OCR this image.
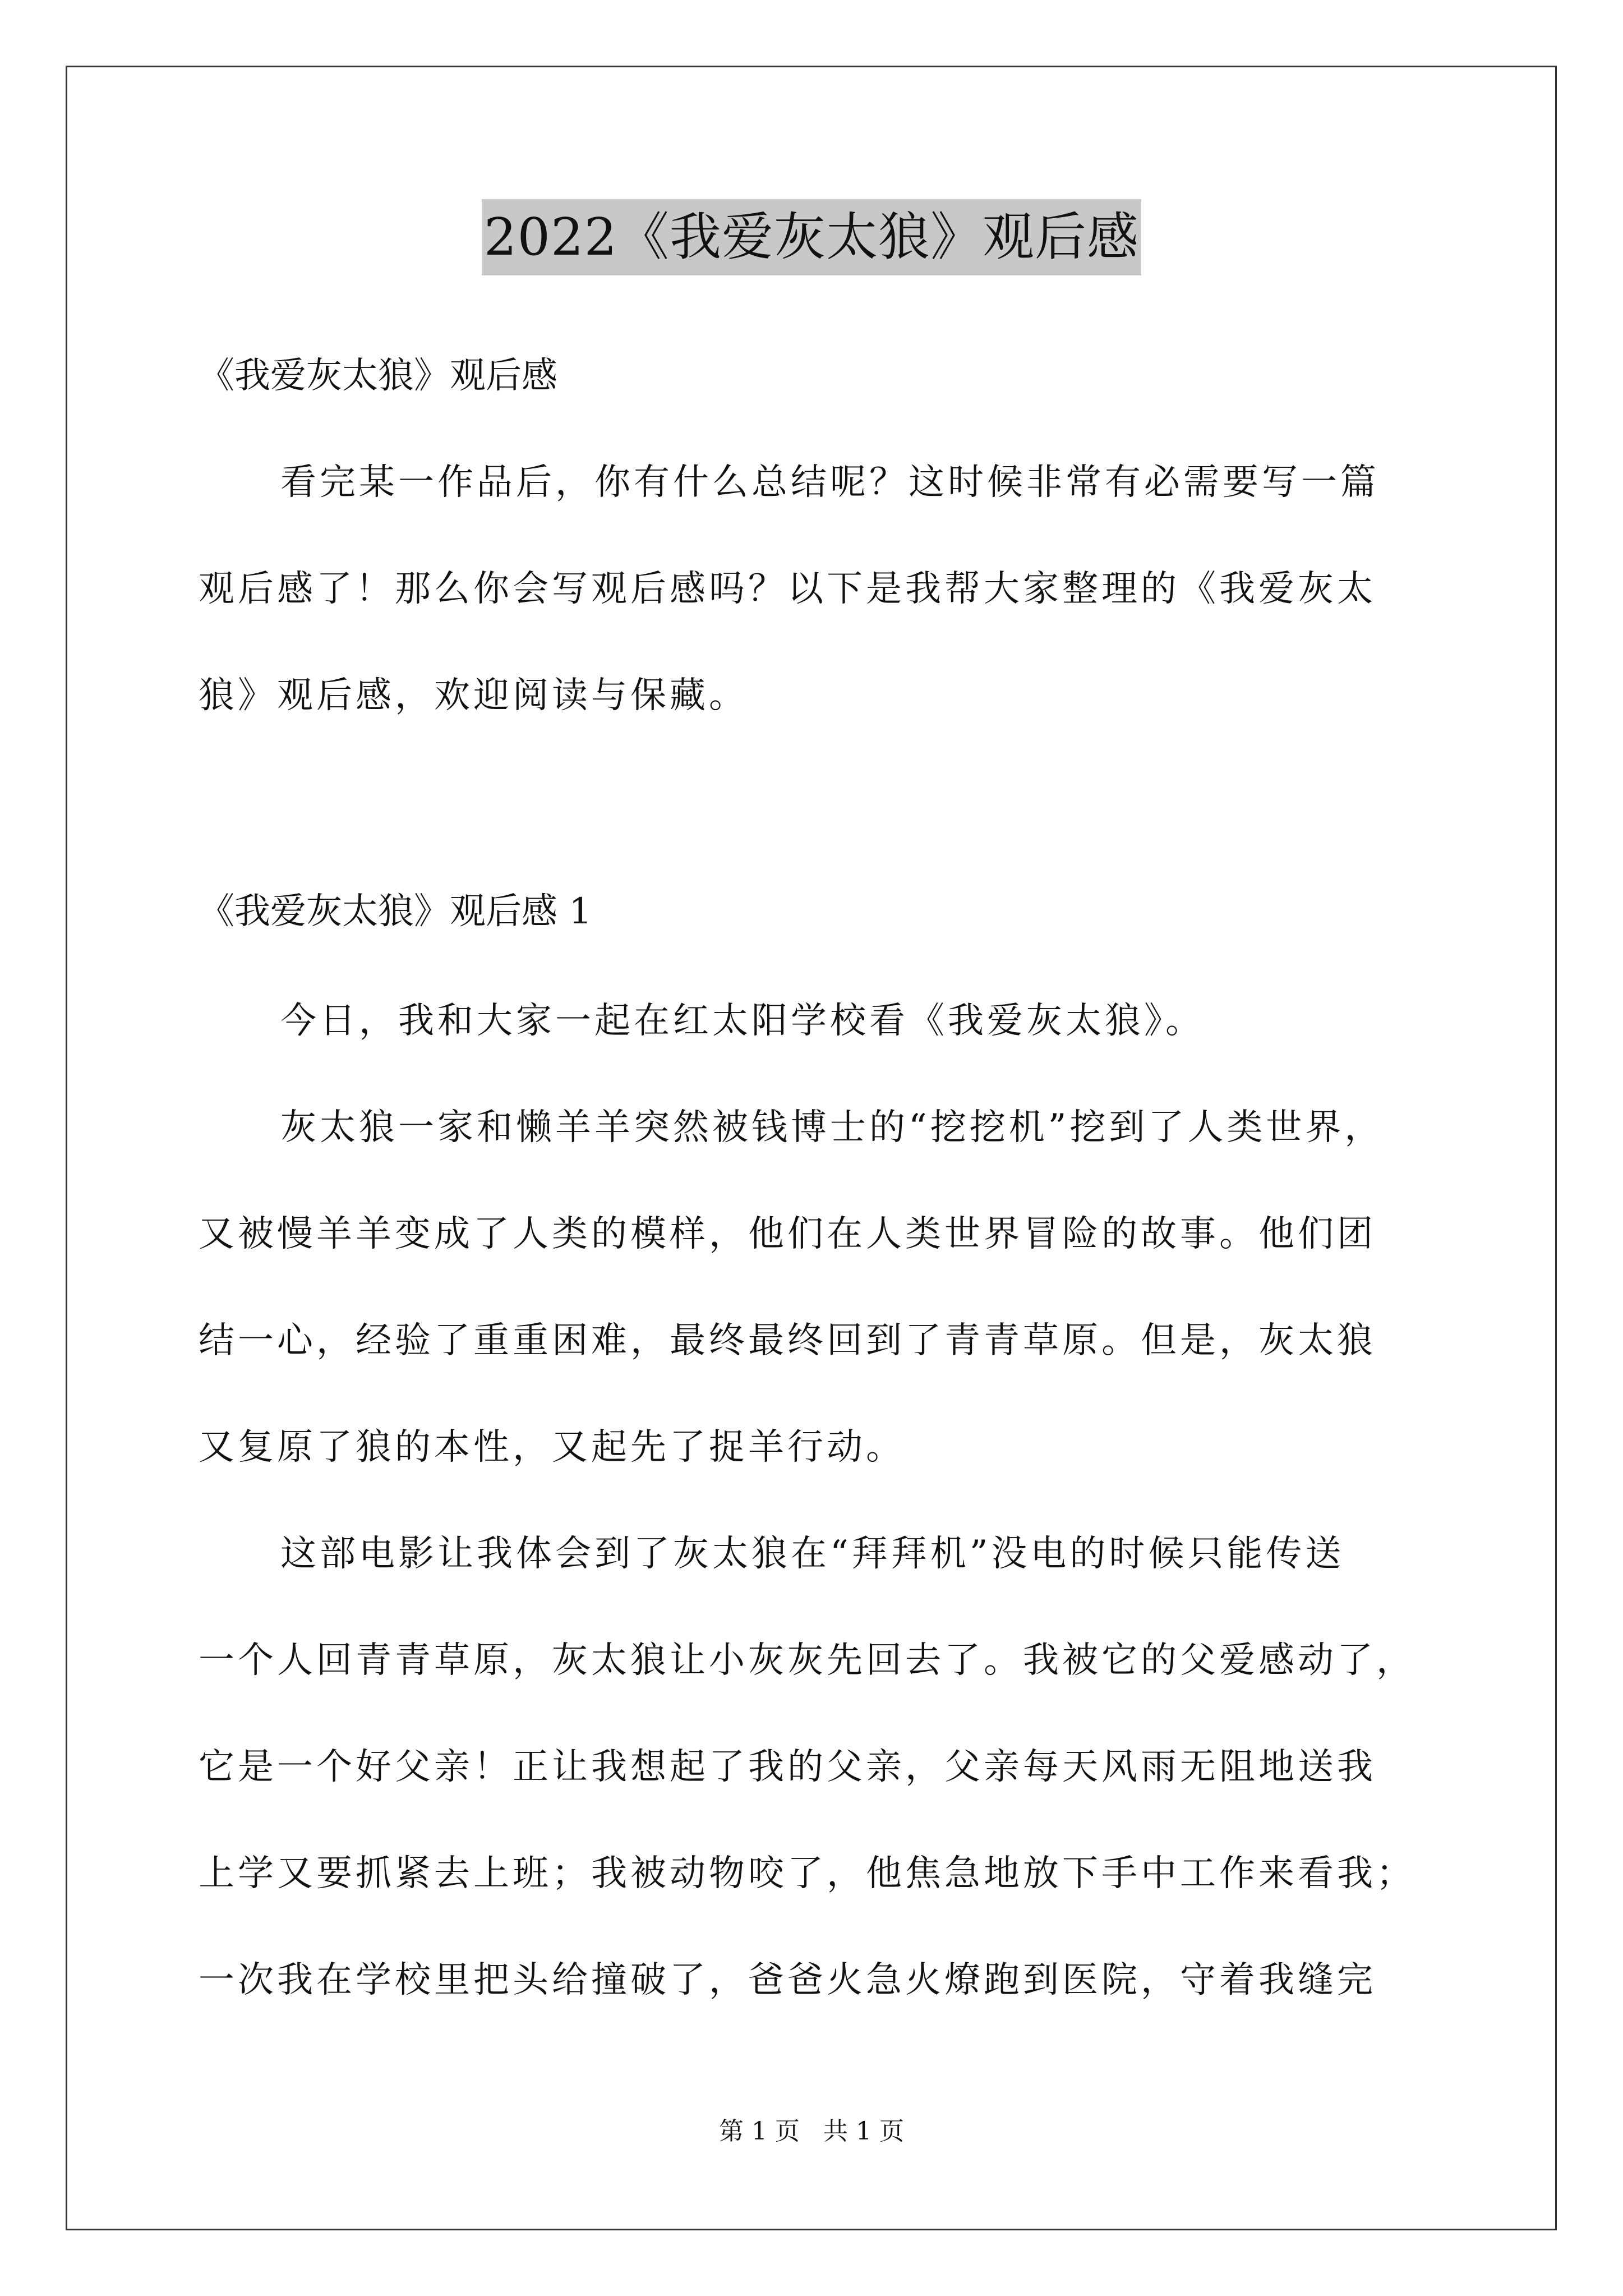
2022《我爱灰太狼》观后感

《我爱灰太狼》观后感

看完某一作品后，你有什么总结呢？这时候非常有必需要写一篇

观后感了！那么你会写观后感吗？以下是我帮大家整理的《我爱灰太

狼》观后感，欢迎阅读与保藏。

《我爱灰太狼》观后感 1

今日，我和大家一起在红太阳学校看《我爱灰太狼》。

灰太狼一家和懒羊羊突然被钱博士的“挖挖机”挖到了人类世界，

又被慢羊羊变成了人类的模样，他们在人类世界冒险的故事。他们团

结一心，经验了重重困难，最终最终回到了青青草原。但是，灰太狼

又复原了狼的本性，又起先了捉羊行动。

这部电影让我体会到了灰太狼在“拜拜机”没电的时候只能传送

一个人回青青草原，灰太狼让小灰灰先回去了。我被它的父爱感动了，

它是一个好父亲！正让我想起了我的父亲，父亲每天风雨无阻地送我

上学又要抓紧去上班；我被动物咬了，他焦急地放下手中工作来看我；

一次我在学校里把头给撞破了，爸爸火急火燎跑到医院，守着我缝完

第 1 页   共 1 页
